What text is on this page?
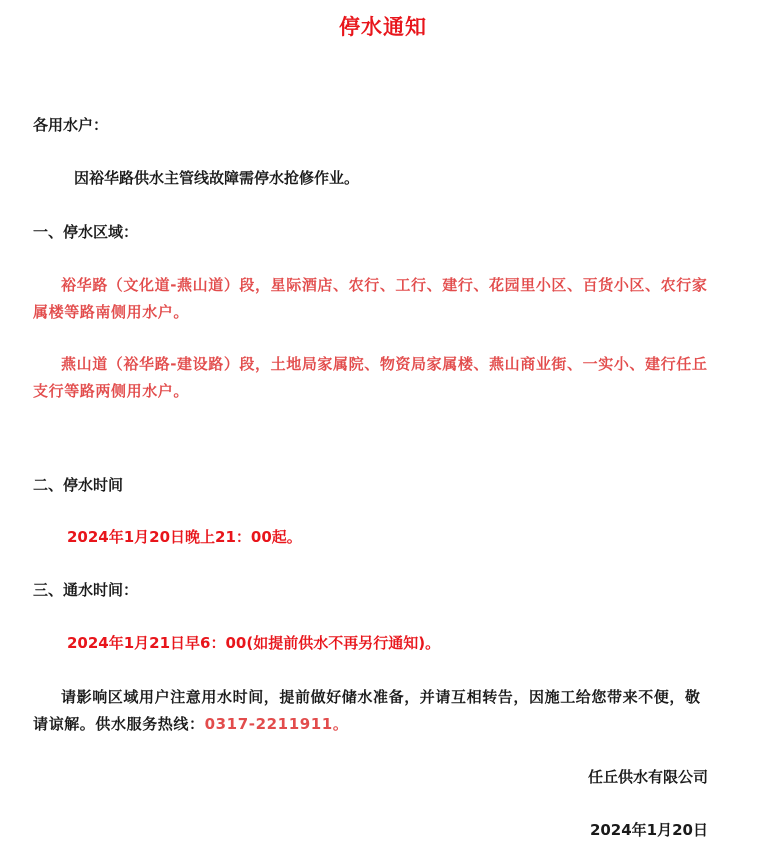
停水通知
各用水户：
因裕华路供水主管线故障需停水抢修作业。
一、停水区域：
裕华路（文化道-燕山道）段，星际酒店、农行、工行、建行、花园里小区、百货小区、农行家属楼等路南侧用水户。
燕山道（裕华路-建设路）段，土地局家属院、物资局家属楼、燕山商业街、一实小、建行任丘支行等路两侧用水户。
二、停水时间
2024年1月20日晚上21：00起。
三、通水时间：
2024年1月21日早6：00(如提前供水不再另行通知)。
请影响区域用户注意用水时间，提前做好储水准备，并请互相转告，因施工给您带来不便，敬请谅解。供水服务热线：0317-2211911。
任丘供水有限公司
2024年1月20日
